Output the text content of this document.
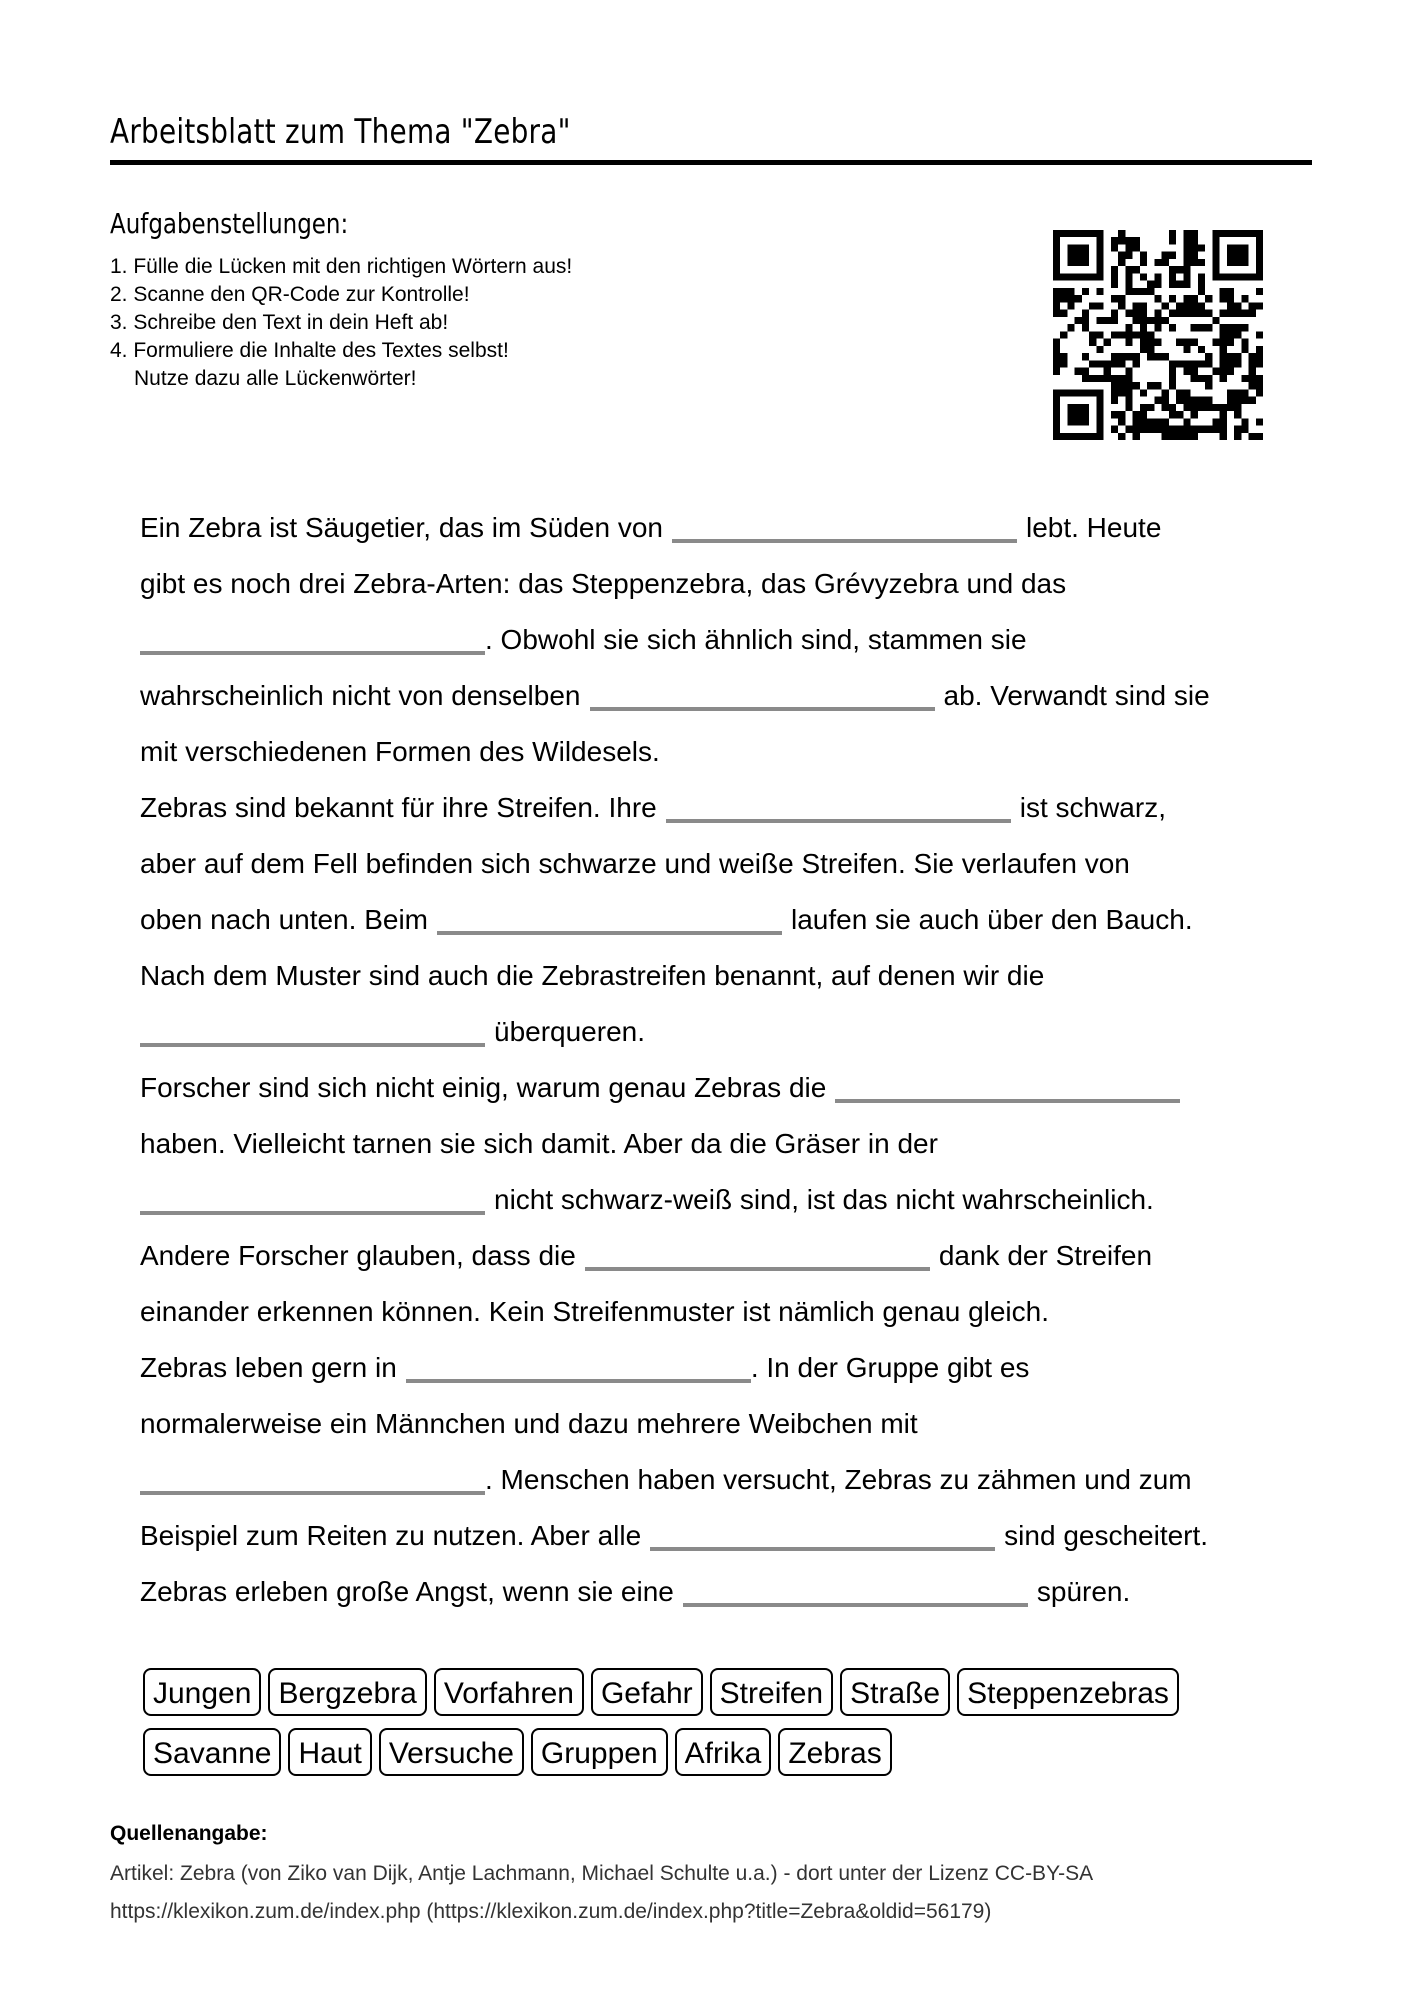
Arbeitsblatt zum Thema "Zebra"
Aufgabenstellungen:
1. Fülle die Lücken mit den richtigen Wörtern aus!
2. Scanne den QR-Code zur Kontrolle!
3. Schreibe den Text in dein Heft ab!
4. Formuliere die Inhalte des Textes selbst!
Nutze dazu alle Lückenwörter!
Ein Zebra ist Säugetier, das im Süden von	lebt. Heute
gibt es noch drei Zebra-Arten: das Steppenzebra, das Grévyzebra und das
. Obwohl sie sich ähnlich sind, stammen sie
wahrscheinlich nicht von denselben	ab. Verwandt sind sie
mit verschiedenen Formen des Wildesels.
Zebras sind bekannt für ihre Streifen. Ihre	ist schwarz,
aber auf dem Fell befinden sich schwarze und weiße Streifen. Sie verlaufen von
oben nach unten. Beim	laufen sie auch über den Bauch.
Nach dem Muster sind auch die Zebrastreifen benannt, auf denen wir die
überqueren.
Forscher sind sich nicht einig, warum genau Zebras die
haben. Vielleicht tarnen sie sich damit. Aber da die Gräser in der
nicht schwarz-weiß sind, ist das nicht wahrscheinlich.
Andere Forscher glauben, dass die	dank der Streifen
einander erkennen können. Kein Streifenmuster ist nämlich genau gleich.
Zebras leben gern in	. In der Gruppe gibt es
normalerweise ein Männchen und dazu mehrere Weibchen mit
. Menschen haben versucht, Zebras zu zähmen und zum
Beispiel zum Reiten zu nutzen. Aber alle	sind gescheitert.
Zebras erleben große Angst, wenn sie eine	spüren.
Jungen Bergzebra Vorfahren Gefahr Streifen Straße Steppenzebras
Savanne Haut Versuche Gruppen Afrika Zebras
Quellenangabe:
Artikel: Zebra (von Ziko van Dijk, Antje Lachmann, Michael Schulte u.a.) - dort unter der Lizenz CC-BY-SA
https://klexikon.zum.de/index.php (https://klexikon.zum.de/index.php?title=Zebra&oldid=56179)
